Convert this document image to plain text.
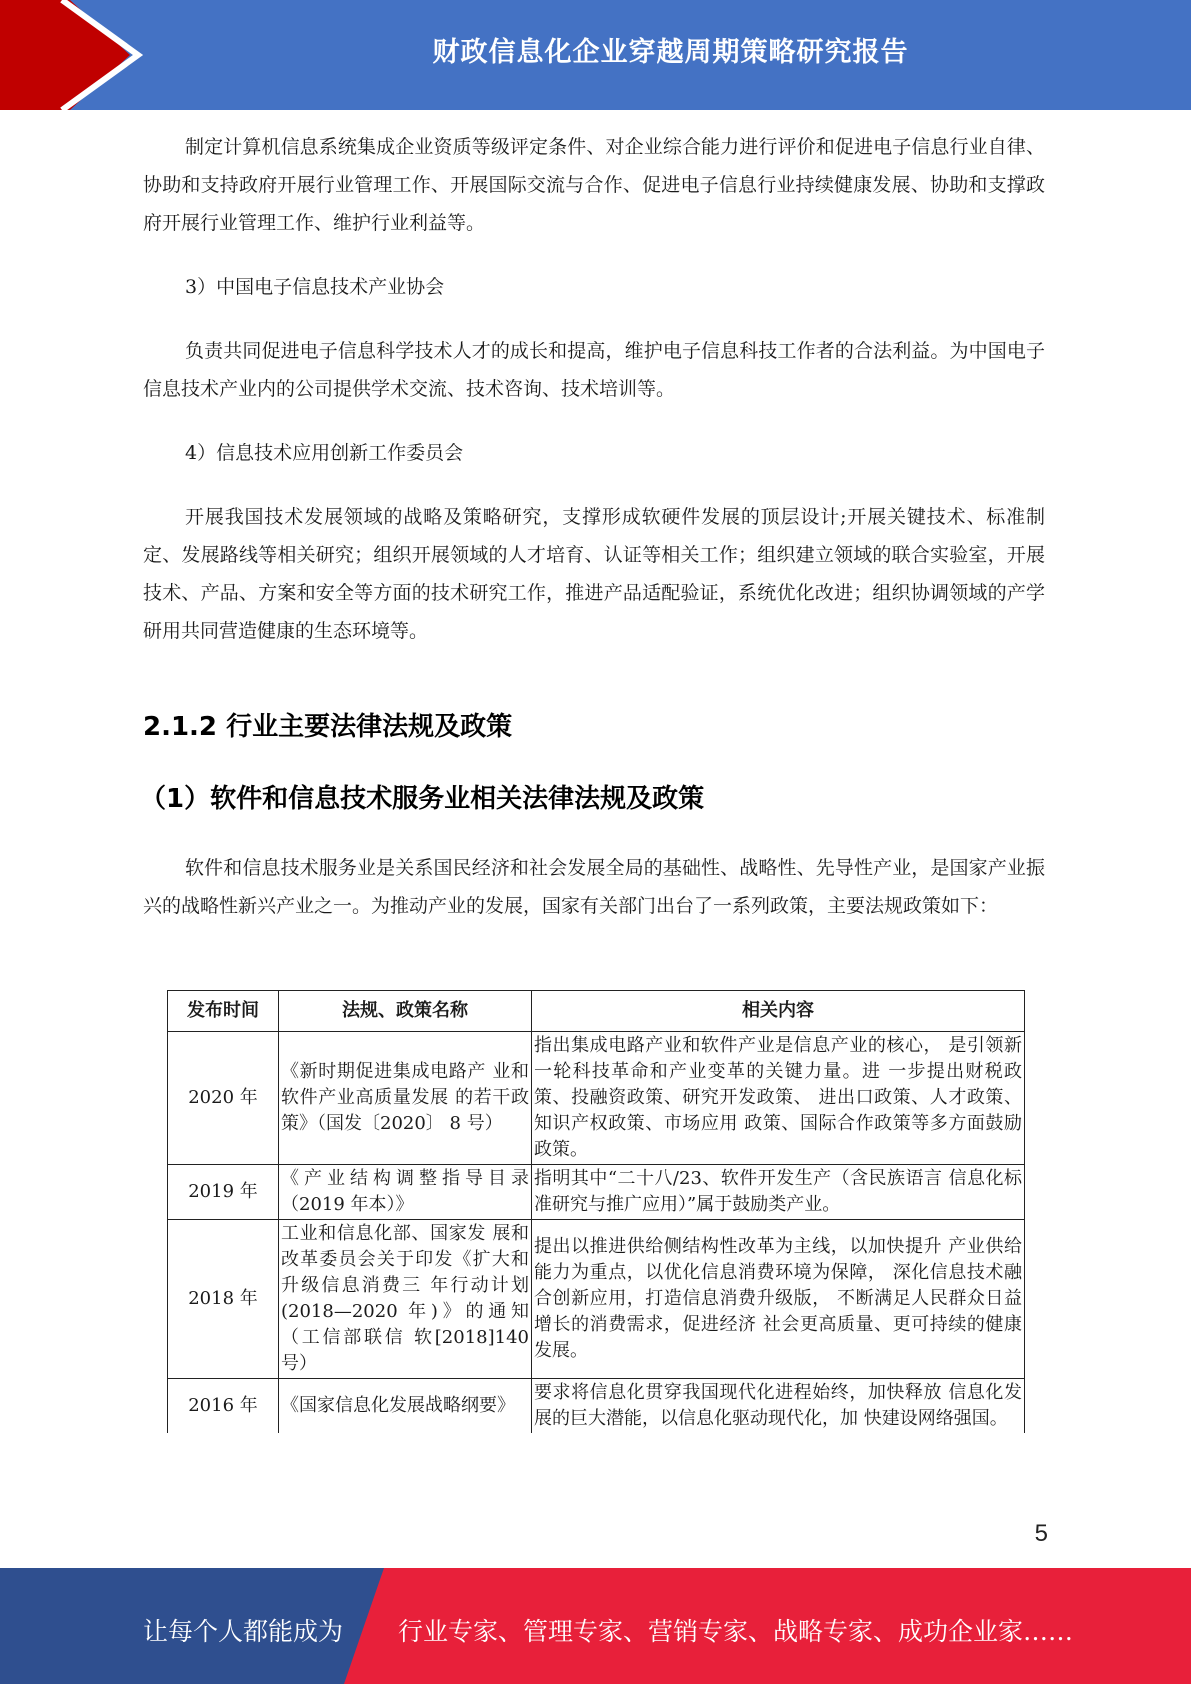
财政信息化企业穿越周期策略研究报告

制定计算机信息系统集成企业资质等级评定条件、对企业综合能力进行评价和促进电子信息行业自律、协助和支持政府开展行业管理工作、开展国际交流与合作、促进电子信息行业持续健康发展、协助和支撑政府开展行业管理工作、维护行业利益等。

3）中国电子信息技术产业协会

负责共同促进电子信息科学技术人才的成长和提高，维护电子信息科技工作者的合法利益。为中国电子信息技术产业内的公司提供学术交流、技术咨询、技术培训等。

4）信息技术应用创新工作委员会

开展我国技术发展领域的战略及策略研究，支撑形成软硬件发展的顶层设计;开展关键技术、标准制定、发展路线等相关研究；组织开展领域的人才培育、认证等相关工作；组织建立领域的联合实验室，开展技术、产品、方案和安全等方面的技术研究工作，推进产品适配验证，系统优化改进；组织协调领域的产学研用共同营造健康的生态环境等。

2.1.2 行业主要法律法规及政策
（1）软件和信息技术服务业相关法律法规及政策

软件和信息技术服务业是关系国民经济和社会发展全局的基础性、战略性、先导性产业，是国家产业振兴的战略性新兴产业之一。为推动产业的发展，国家有关部门出台了一系列政策，主要法规政策如下：

发布时间	法规、政策名称	相关内容
2020 年	《新时期促进集成电路产 业和软件产业高质量发展 的若干政策》（国发〔2020〕 8 号）	指出集成电路产业和软件产业是信息产业的核心， 是引领新一轮科技革命和产业变革的关键力量。进 一步提出财税政策、投融资政策、研究开发政策、 进出口政策、人才政策、知识产权政策、市场应用 政策、国际合作政策等多方面鼓励政策。
2019 年	《产业结构调整指导目录（2019 年本）》	指明其中“二十八/23、软件开发生产（含民族语言 信息化标准研究与推广应用）”属于鼓励类产业。
2018 年	工业和信息化部、国家发 展和改革委员会关于印发《扩大和升级信息消费三 年行动计划(2018—2020 年)》的通知（工信部联信 软[2018]140 号）	提出以推进供给侧结构性改革为主线，以加快提升 产业供给能力为重点，以优化信息消费环境为保障， 深化信息技术融合创新应用，打造信息消费升级版， 不断满足人民群众日益增长的消费需求，促进经济 社会更高质量、更可持续的健康发展。
2016 年	《国家信息化发展战略纲要》	要求将信息化贯穿我国现代化进程始终，加快释放 信息化发展的巨大潜能，以信息化驱动现代化，加 快建设网络强国。
5
让每个人都能成为 行业专家、管理专家、营销专家、战略专家、成功企业家……
